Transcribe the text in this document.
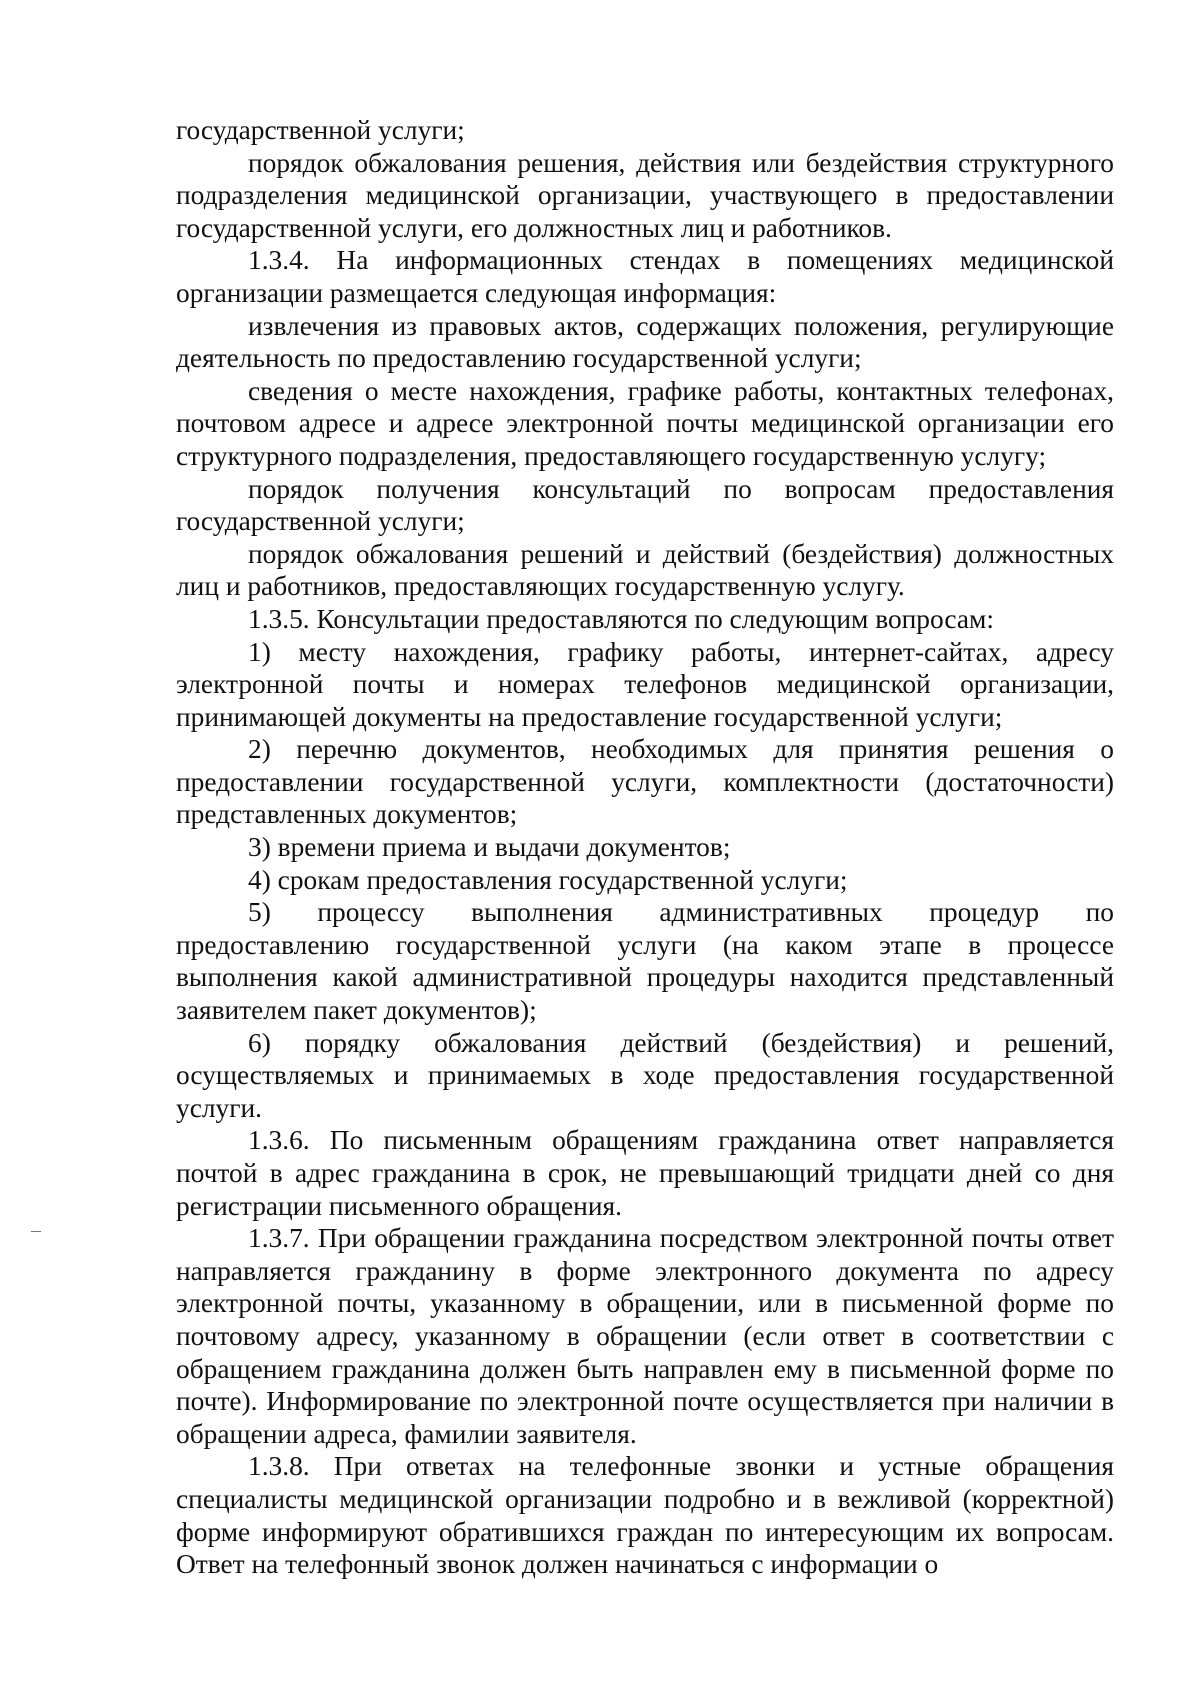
государственной услуги;

порядок обжалования решения, действия или бездействия структурного подразделения медицинской организации, участвующего в предоставлении государственной услуги, его должностных лиц и работников.

1.3.4. На информационных стендах в помещениях медицинской организации размещается следующая информация:

извлечения из правовых актов, содержащих положения, регулирующие деятельность по предоставлению государственной услуги;

сведения о месте нахождения, графике работы, контактных телефонах, почтовом адресе и адресе электронной почты медицинской организации его структурного подразделения, предоставляющего государственную услугу;

порядок получения консультаций по вопросам предоставления государственной услуги;

порядок обжалования решений и действий (бездействия) должностных лиц и работников, предоставляющих государственную услугу.

1.3.5. Консультации предоставляются по следующим вопросам:

1) месту нахождения, графику работы, интернет-сайтах, адресу электронной почты и номерах телефонов медицинской организации, принимающей документы на предоставление государственной услуги;

2) перечню документов, необходимых для принятия решения о предоставлении государственной услуги, комплектности (достаточности) представленных документов;

3) времени приема и выдачи документов;

4) срокам предоставления государственной услуги;

5) процессу выполнения административных процедур по предоставлению государственной услуги (на каком этапе в процессе выполнения какой административной процедуры находится представленный заявителем пакет документов);

6) порядку обжалования действий (бездействия) и решений, осуществляемых и принимаемых в ходе предоставления государственной услуги.

1.3.6. По письменным обращениям гражданина ответ направляется почтой в адрес гражданина в срок, не превышающий тридцати дней со дня регистрации письменного обращения.

1.3.7. При обращении гражданина посредством электронной почты ответ направляется гражданину в форме электронного документа по адресу электронной почты, указанному в обращении, или в письменной форме по почтовому адресу, указанному в обращении (если ответ в соответствии с обращением гражданина должен быть направлен ему в письменной форме по почте). Информирование по электронной почте осуществляется при наличии в обращении адреса, фамилии заявителя.

1.3.8. При ответах на телефонные звонки и устные обращения специалисты медицинской организации подробно и в вежливой (корректной) форме информируют обратившихся граждан по интересующим их вопросам. Ответ на телефонный звонок должен начинаться с информации о
